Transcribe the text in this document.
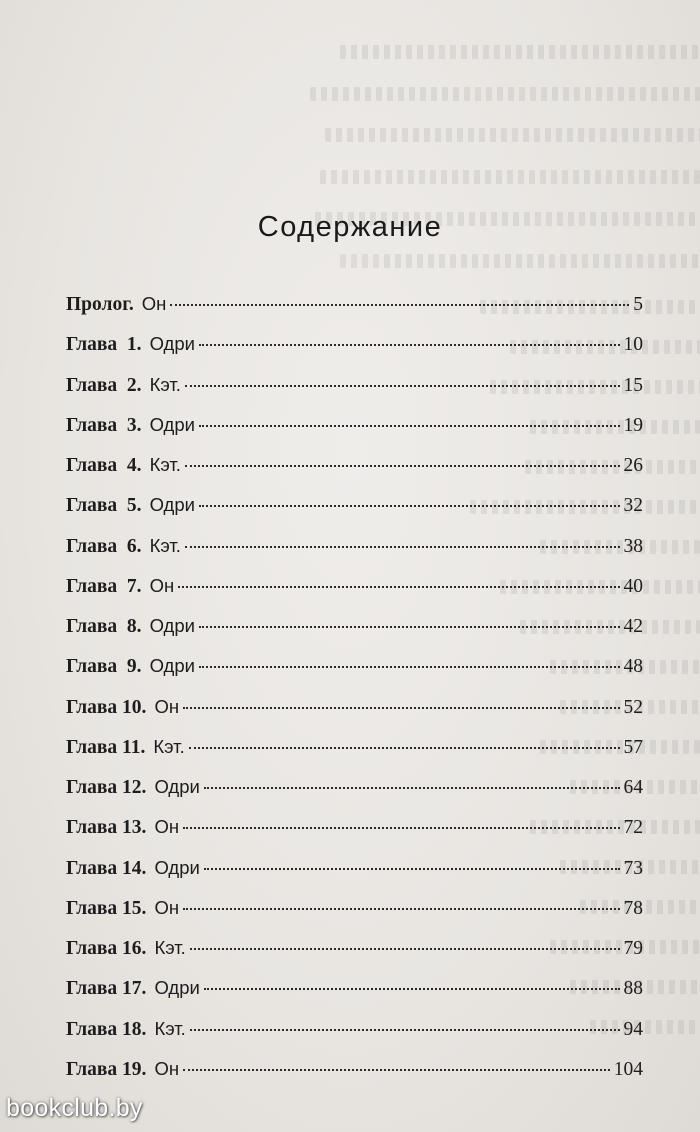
Содержание
Пролог. Он	5
Глава  1. Одри	10
Глава  2. Кэт.	15
Глава  3. Одри	19
Глава  4. Кэт.	26
Глава  5. Одри	32
Глава  6. Кэт.	38
Глава  7. Он	40
Глава  8. Одри	42
Глава  9. Одри	48
Глава 10. Он	52
Глава 11. Кэт.	57
Глава 12. Одри	64
Глава 13. Он	72
Глава 14. Одри	73
Глава 15. Он	78
Глава 16. Кэт.	79
Глава 17. Одри	88
Глава 18. Кэт.	94
Глава 19. Он	104
bookclub.by
